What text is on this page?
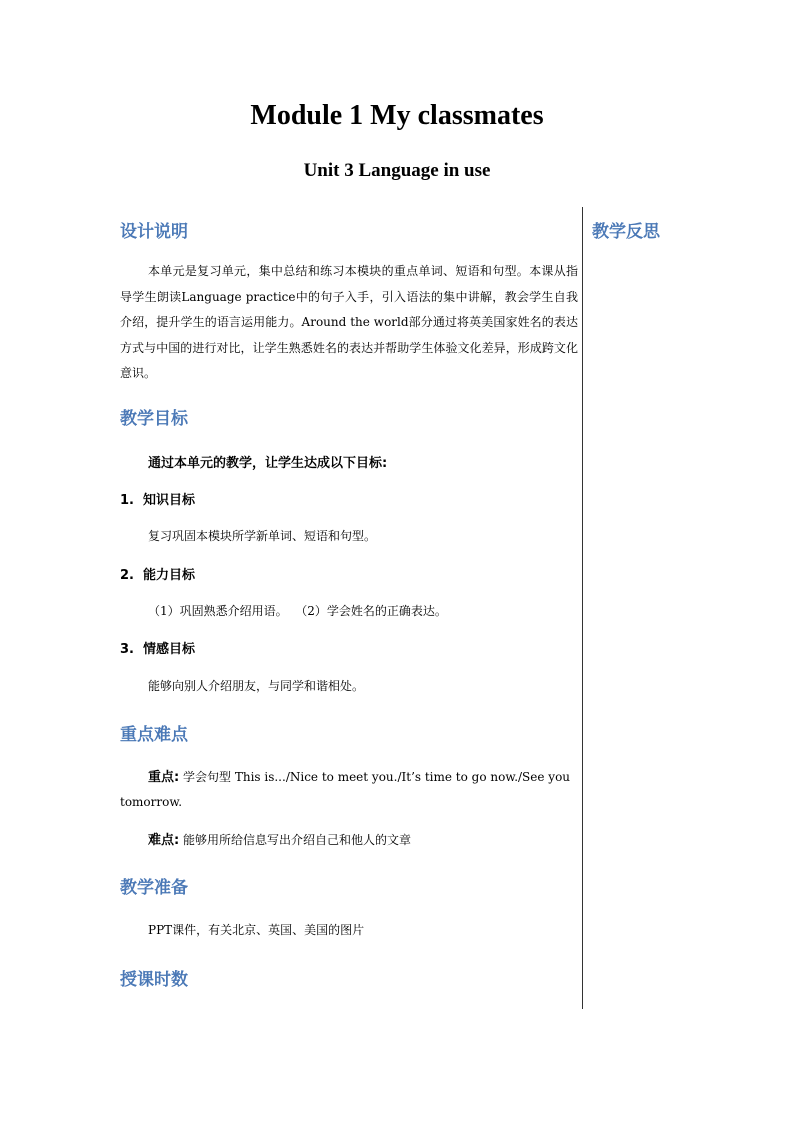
Module 1 My classmates
Unit 3 Language in use
教学反思
设计说明
本单元是复习单元，集中总结和练习本模块的重点单词、短语和句型。本课从指导学生朗读Language practice中的句子入手，引入语法的集中讲解，教会学生自我介绍，提升学生的语言运用能力。Around the world部分通过将英美国家姓名的表达方式与中国的进行对比，让学生熟悉姓名的表达并帮助学生体验文化差异，形成跨文化意识。
教学目标
通过本单元的教学，让学生达成以下目标:
1. 知识目标
复习巩固本模块所学新单词、短语和句型。
2. 能力目标
（1）巩固熟悉介绍用语。  （2）学会姓名的正确表达。
3. 情感目标
能够向别人介绍朋友，与同学和谐相处。
重点难点
重点: 学会句型 This is.../Nice to meet you./It’s time to go now./See you tomorrow.
难点: 能够用所给信息写出介绍自己和他人的文章
教学准备
PPT课件，有关北京、英国、美国的图片
授课时数
